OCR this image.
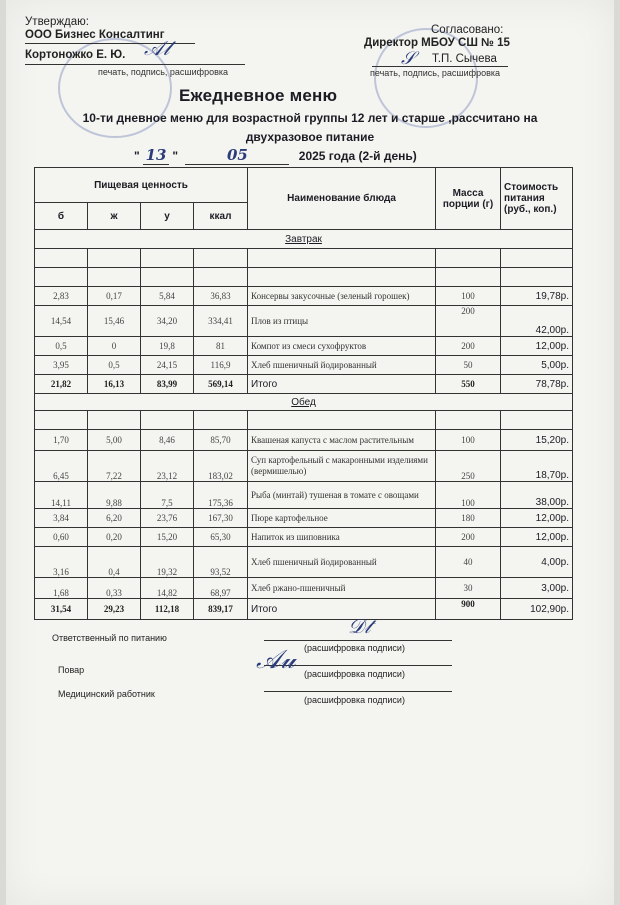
Утверждаю:
ООО Бизнес Консалтинг
Кортоножко Е. Ю.
печать, подпись, расшифровка
𝒜𝓁
Согласовано:
Директор МБОУ СШ № 15
Т.П. Сычева
печать, подпись, расшифровка
𝒮
Ежедневное меню
10-ти дневное меню для возрастной группы 12 лет и старше ,рассчитано на
двухразовое питание
" 13 "	05	2025 года (2-й день)
Пищевая ценность				Наименование блюда	Масса порции (г)	Стоимость питания (руб., коп.)
б	ж	у	ккал			
Завтрак						

2,83	0,17	5,84	36,83	Консервы закусочные (зеленый горошек)	100	19,78р.
14,54	15,46	34,20	334,41	Плов из птицы	200	42,00р.
0,5	0	19,8	81	Компот из смеси сухофруктов	200	12,00р.
3,95	0,5	24,15	116,9	Хлеб пшеничный йодированный	50	5,00р.
21,82	16,13	83,99	569,14	Итого	550	78,78р.
Обед						

1,70	5,00	8,46	85,70	Квашеная капуста с маслом растительным	100	15,20р.
6,45	7,22	23,12	183,02	Суп картофельный с макаронными изделиями (вермишелью)	250	18,70р.
14,11	9,88	7,5	175,36	Рыба (минтай) тушеная в томате с овощами	100	38,00р.
3,84	6,20	23,76	167,30	Пюре картофельное	180	12,00р.
0,60	0,20	15,20	65,30	Напиток из шиповника	200	12,00р.
3,16	0,4	19,32	93,52	Хлеб пшеничный йодированный	40	4,00р.
1,68	0,33	14,82	68,97	Хлеб ржано-пшеничный	30	3,00р.
31,54	29,23	112,18	839,17	Итого	900	102,90р.
Ответственный по питанию
(расшифровка подписи)
𝒟𝓉
Повар	(расшифровка подписи)
𝒜𝓊
Медицинский работник
(расшифровка подписи)
